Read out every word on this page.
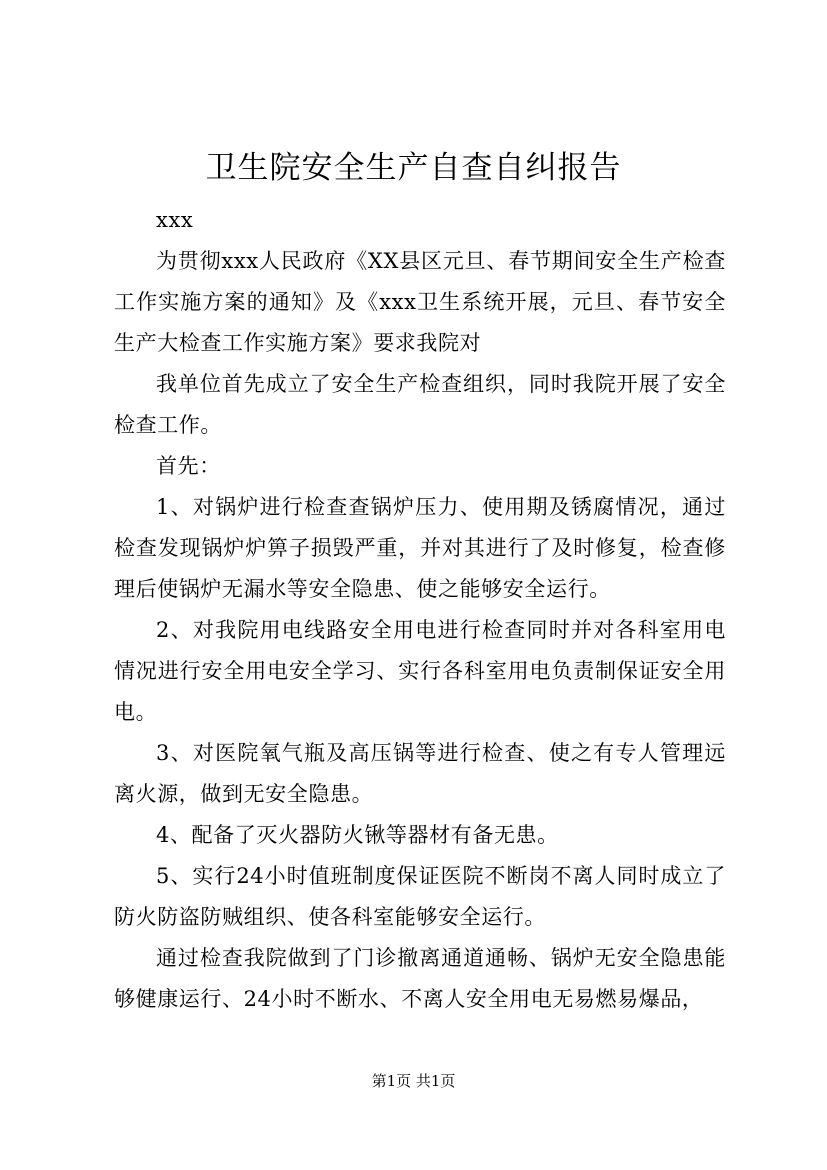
卫生院安全生产自查自纠报告

xxx

为贯彻xxx人民政府《XX县区元旦、春节期间安全生产检查工作实施方案的通知》及《xxx卫生系统开展，元旦、春节安全生产大检查工作实施方案》要求我院对

我单位首先成立了安全生产检查组织，同时我院开展了安全检查工作。

首先：

1、对锅炉进行检查查锅炉压力、使用期及锈腐情况，通过检查发现锅炉炉箅子损毁严重，并对其进行了及时修复，检查修理后使锅炉无漏水等安全隐患、使之能够安全运行。

2、对我院用电线路安全用电进行检查同时并对各科室用电情况进行安全用电安全学习、实行各科室用电负责制保证安全用电。

3、对医院氧气瓶及高压锅等进行检查、使之有专人管理远离火源，做到无安全隐患。

4、配备了灭火器防火锹等器材有备无患。

5、实行24小时值班制度保证医院不断岗不离人同时成立了防火防盗防贼组织、使各科室能够安全运行。

通过检查我院做到了门诊撤离通道通畅、锅炉无安全隐患能够健康运行、24小时不断水、不离人安全用电无易燃易爆品，

第1页 共1页
